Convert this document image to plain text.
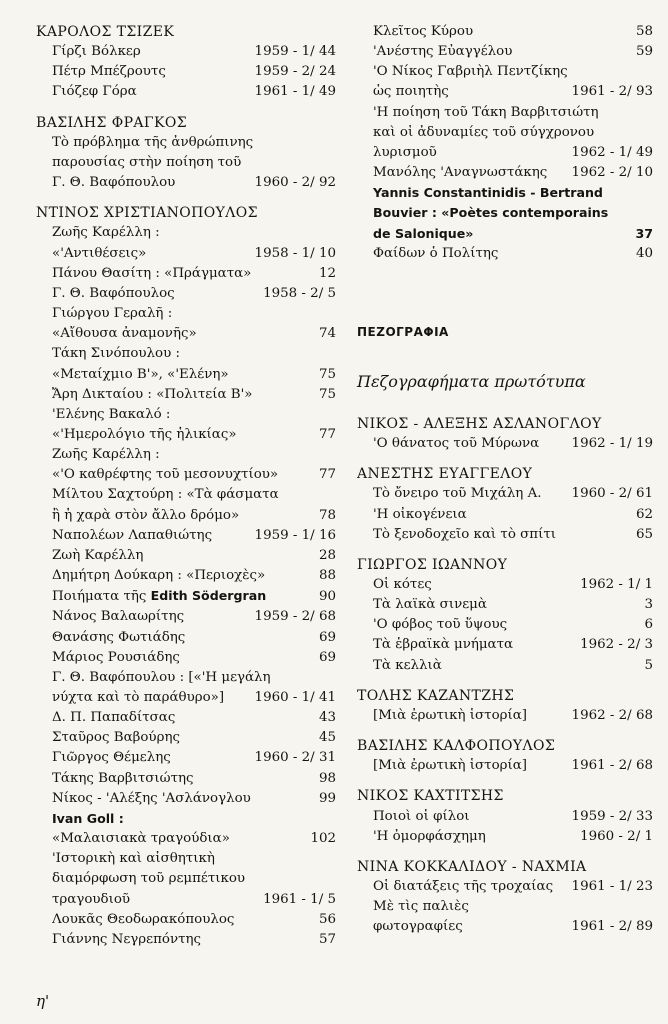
ΚΑΡΟΛΟΣ ΤΣΙΖΕΚ
Γίρζι Βόλκερ	1959 - 1/ 44
Πέτρ Μπέζρουτς	1959 - 2/ 24
Γιόζεφ Γόρα	1961 - 1/ 49
ΒΑΣΙΛΗΣ ΦΡΑΓΚΟΣ
Τὸ πρόβλημα τῆς ἀνθρώπινης
παρουσίας στὴν ποίηση τοῦ
Γ. Θ. Βαφόπουλου	1960 - 2/ 92
ΝΤΙΝΟΣ ΧΡΙΣΤΙΑΝΟΠΟΥΛΟΣ
Ζωῆς Καρέλλη :
«'Αντιθέσεις»	1958 - 1/ 10
Πάνου Θασίτη : «Πράγματα»	12
Γ. Θ. Βαφόπουλος	1958 - 2/ 5
Γιώργου Γεραλῆ :
«Αἴθουσα ἀναμονῆς»	74
Τάκη Σινόπουλου :
«Μεταίχμιο Β'», «'Ελένη»	75
Ἄρη Δικταίου : «Πολιτεία Β'»	75
'Ελένης Βακαλό :
«'Ημερολόγιο τῆς ἡλικίας»	77
Ζωῆς Καρέλλη :
«'Ο καθρέφτης τοῦ μεσονυχτίου»	77
Μίλτου Σαχτούρη : «Τὰ φάσματα
ἢ ἡ χαρὰ στὸν ἄλλο δρόμο»	78
Ναπολέων Λαπαθιώτης	1959 - 1/ 16
Ζωὴ Καρέλλη	28
Δημήτρη Δούκαρη : «Περιοχὲς»	88
Ποιήματα τῆς Edith Södergran	90
Νάνος Βαλαωρίτης	1959 - 2/ 68
Θανάσης Φωτιάδης	69
Μάριος Ρουσιάδης	69
Γ. Θ. Βαφόπουλου : [«'Η μεγάλη
νύχτα καὶ τὸ παράθυρο»]	1960 - 1/ 41
Δ. Π. Παπαδίτσας	43
Σταῦρος Βαβούρης	45
Γιῶργος Θέμελης	1960 - 2/ 31
Τάκης Βαρβιτσιώτης	98
Νίκος - 'Αλέξης 'Ασλάνογλου	99
Ivan Goll :
«Μαλαισιακὰ τραγούδια»	102
'Ιστορικὴ καὶ αἰσθητικὴ
διαμόρφωση τοῦ ρεμπέτικου
τραγουδιοῦ	1961 - 1/ 5
Λουκᾶς Θεοδωρακόπουλος	56
Γιάννης Νεγρεπόντης	57
Κλεῖτος Κύρου	58
'Ανέστης Εὐαγγέλου	59
'Ο Νίκος Γαβριὴλ Πεντζίκης
ὡς ποιητὴς	1961 - 2/ 93
'Η ποίηση τοῦ Τάκη Βαρβιτσιώτη
καὶ οἱ ἀδυναμίες τοῦ σύγχρονου
λυρισμοῦ	1962 - 1/ 49
Μανόλης 'Αναγνωστάκης	1962 - 2/ 10
Yannis Constantinidis - Bertrand
Bouvier : «Poètes contemporains
de Salonique»	37
Φαίδων ὁ Πολίτης	40
ΠΕΖΟΓΡΑΦΙΑ
Πεζογραφήματα πρωτότυπα
ΝΙΚΟΣ - ΑΛΕΞΗΣ ΑΣΛΑΝΟΓΛΟΥ
'Ο θάνατος τοῦ Μύρωνα	1962 - 1/ 19
ΑΝΕΣΤΗΣ ΕΥΑΓΓΕΛΟΥ
Τὸ ὄνειρο τοῦ Μιχάλη Α.	1960 - 2/ 61
'Η οἰκογένεια	62
Τὸ ξενοδοχεῖο καὶ τὸ σπίτι	65
ΓΙΩΡΓΟΣ ΙΩΑΝΝΟΥ
Οἱ κότες	1962 - 1/ 1
Τὰ λαϊκὰ σινεμὰ	3
'Ο φόβος τοῦ ὕψους	6
Τὰ ἑβραϊκὰ μνήματα	1962 - 2/ 3
Τὰ κελλιὰ	5
ΤΟΛΗΣ ΚΑΖΑΝΤΖΗΣ
[Μιὰ ἐρωτικὴ ἱστορία]	1962 - 2/ 68
ΒΑΣΙΛΗΣ ΚΑΛΦΟΠΟΥΛΟΣ
[Μιὰ ἐρωτικὴ ἱστορία]	1961 - 2/ 68
ΝΙΚΟΣ ΚΑΧΤΙΤΣΗΣ
Ποιοὶ οἱ φίλοι	1959 - 2/ 33
'Η ὀμορφάσχημη	1960 - 2/ 1
ΝΙΝΑ ΚΟΚΚΑΛΙΔΟΥ - ΝΑΧΜΙΑ
Οἱ διατάξεις τῆς τροχαίας	1961 - 1/ 23
Μὲ τὶς παλιὲς
φωτογραφίες	1961 - 2/ 89
η'
